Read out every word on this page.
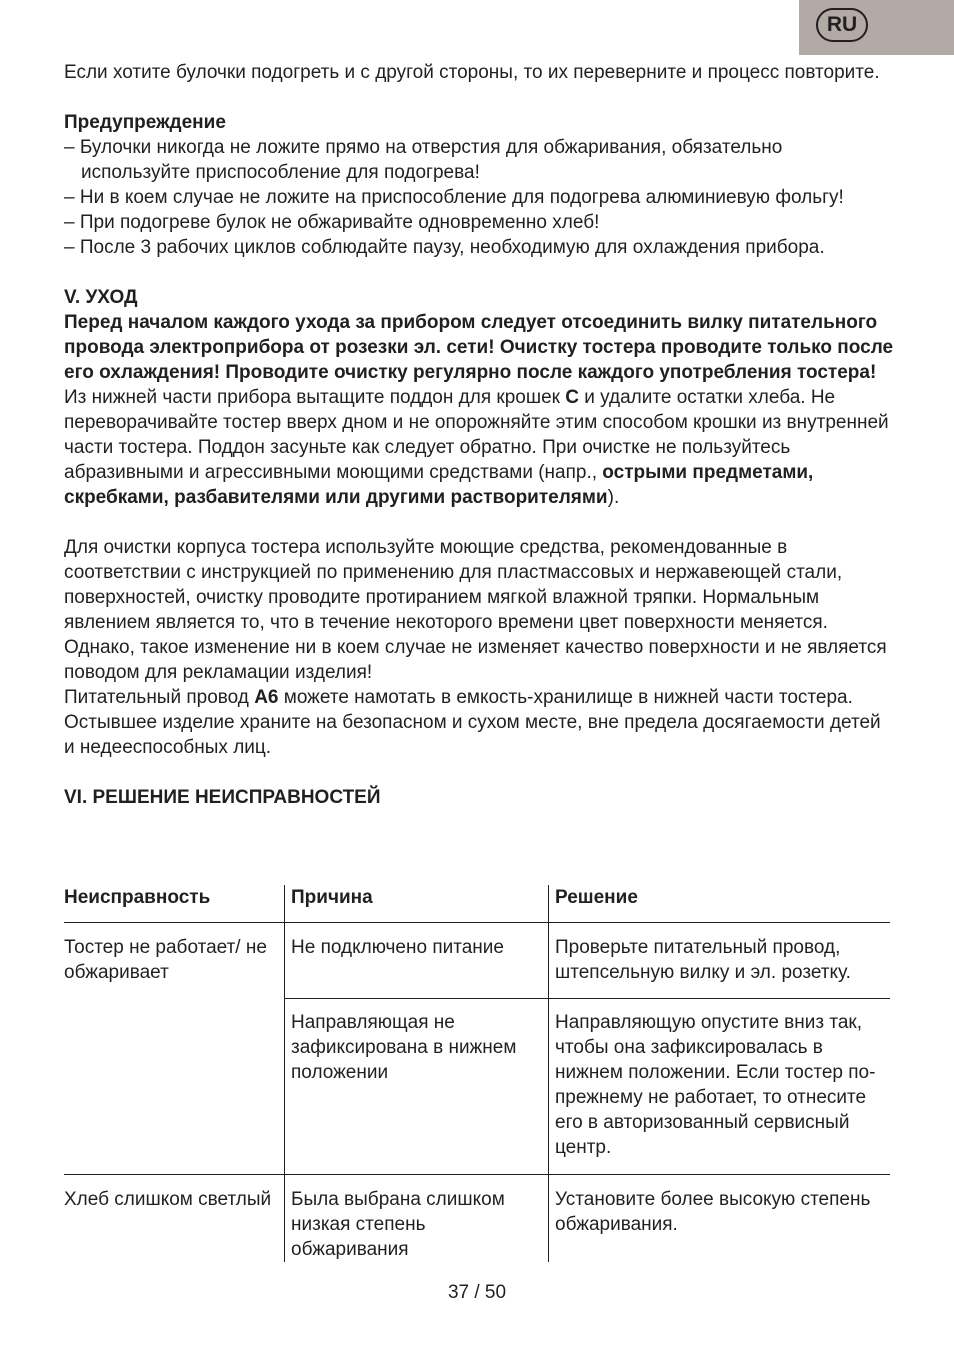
RU

Если хотите булочки подогреть и с другой стороны, то их переверните и процесс повторите.

Предупреждение

– Булочки никогда не ложите прямо на отверстия для обжаривания, обязательно используйте приспособление для подогрева!

– Ни в коем случае не ложите на приспособление для подогрева алюминиевую фольгу!

– При подогреве булок не обжаривайте одновременно хлеб!

– После 3 рабочих циклов соблюдайте паузу, необходимую для охлаждения прибора.

V. УХОД

Перед началом каждого ухода за прибором следует отсоединить вилку питательного провода электроприбора от розезки эл. сети! Очистку тостера проводите только после его охлаждения! Проводите очистку регулярно после каждого употребления тостера! Из нижней части прибора вытащите поддон для крошек C и удалите остатки хлеба. Не переворачивайте тостер вверх дном и не опорожняйте этим способом крошки из внутренней части тостера. Поддон засуньте как следует обратно. При очистке не пользуйтесь абразивными и агрессивными моющими средствами (напр., острыми предметами, скребками, разбавителями или другими растворителями).

Для очистки корпуса тостера используйте моющие средства, рекомендованные в соответствии с инструкцией по применению для пластмассовых и нержавеющей стали, поверхностей, очистку проводите протиранием мягкой влажной тряпки. Нормальным явлением является то, что в течение некоторого времени цвет поверхности меняется. Однако, такое изменение ни в коем случае не изменяет качество поверхности и не является поводом для рекламации изделия!

Питательный провод A6 можете намотать в емкость-хранилище в нижней части тостера. Остывшее изделие храните на безопасном и сухом месте, вне предела досягаемости детей и недееспособных лиц.

VI. РЕШЕНИЕ НЕИСПРАВНОСТЕЙ

Неисправность	Причина	Решение
Тостер не работает/ не обжаривает	Не подключено питание	Проверьте питательный провод, штепсельную вилку и эл. розетку.
	Направляющая не зафиксирована в нижнем положении	Направляющую опустите вниз так, чтобы она зафиксировалась в нижнем положении. Если тостер по-прежнему не работает, то отнесите его в авторизованный сервисный центр.
Хлеб слишком светлый	Была выбрана слишком низкая степень обжаривания	Установите более высокую степень обжаривания.
37 / 50
